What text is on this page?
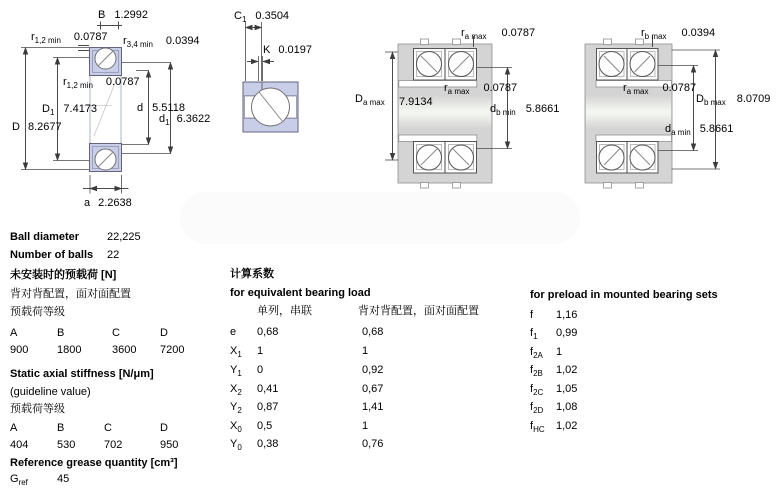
B 1.2992
$r_{1,2 min}$ 0.0787 $r_{3,4 min}$ 0.0394
$r_{1,2 min}$ 0.0787
$D_1$ 7.4173
D 8.2677
d 5.5118
$d_1$ 6.3622
a 2.2638
$C_1$ 0.3504
K 0.0197
$r_{a max}$ 0.0787
$D_{a max}$ 7.9134
$r_{a max}$ 0.0787
$d_{b min}$ 5.8661
$r_{b max}$ 0.0394
$r_{a max}$ 0.0787
$D_{b max}$ 8.0709
$d_{a min}$ 5.8661
Ball diameter	22,225
Number of balls 22
未安装时的预载荷 [N]
背对背配置，面对面配置
预载荷等级
A	B	C	D
900	1800	3600 7200
Static axial stiffness [N/μm]
(guideline value)
预载荷等级
A	B	C	D
404	530	702	950
Reference grease quantity [cm³]
$G_{ref}$	45
计算系数
for equivalent bearing load
单列，串联	背对背配置，面对面配置
e 0,68	0,68
$X_1$ 1	1
$Y_1$ 0	0,92
$X_2$ 0,41	0,67
$Y_2$ 0,87	1,41
$X_0$ 0,5	1
$Y_0$ 0,38	0,76
for preload in mounted bearing sets
f 1,16
$f_1$ 0,99
$f_{2A}$ 1
$f_{2B}$ 1,02
$f_{2C}$ 1,05
$f_{2D}$ 1,08
$f_{HC}$ 1,02
